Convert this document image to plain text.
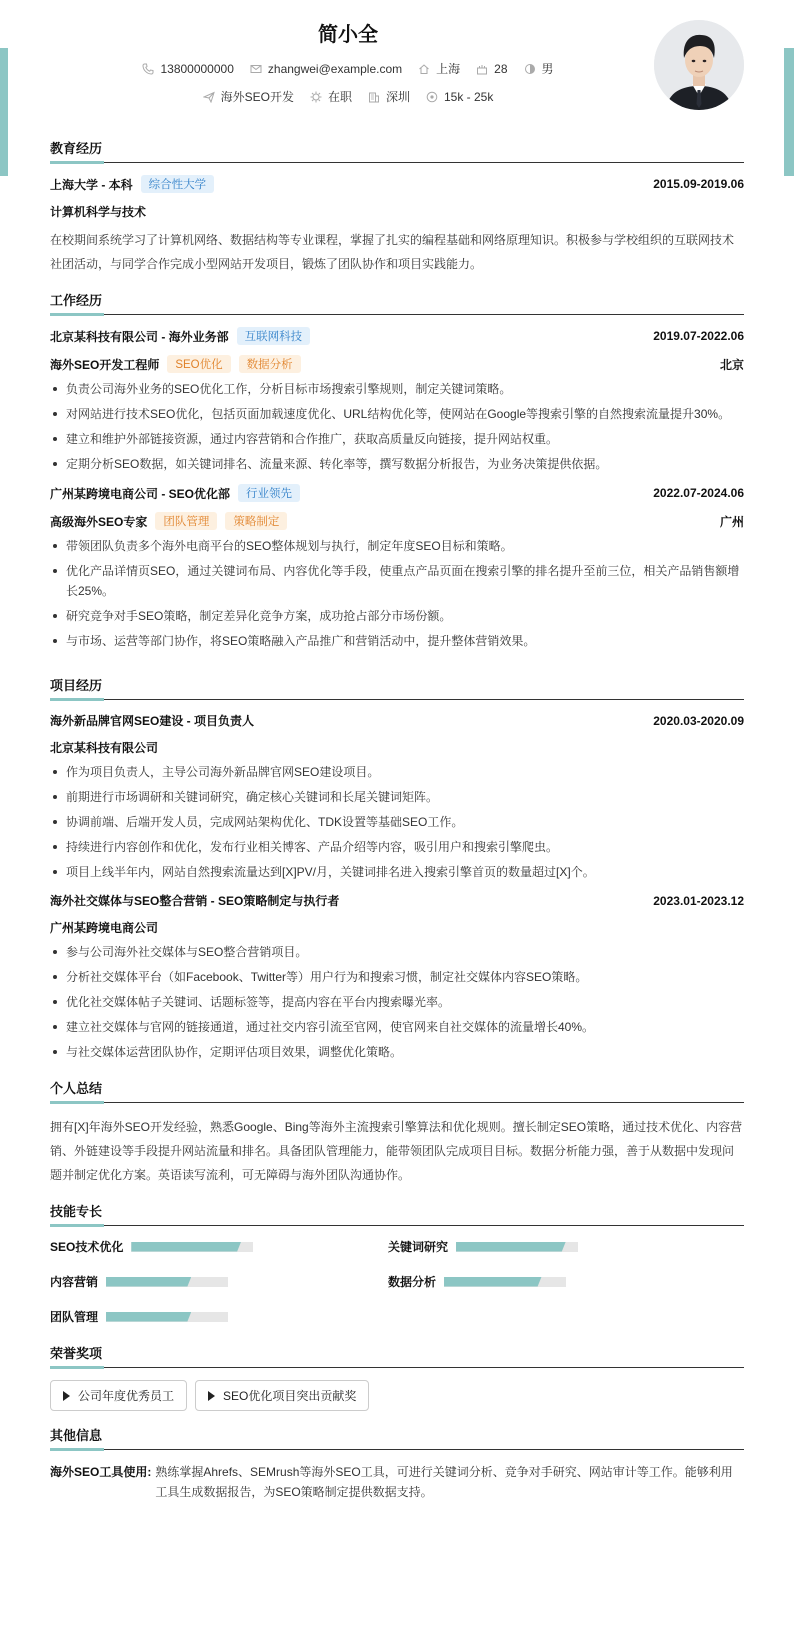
简小全
13800000000	zhangwei@example.com	上海	28	男
海外SEO开发	在职	深圳	15k - 25k
教育经历
上海大学 - 本科	综合性大学	2015.09-2019.06
计算机科学与技术
在校期间系统学习了计算机网络、数据结构等专业课程，掌握了扎实的编程基础和网络原理知识。积极参与学校组织的互联网技术社团活动，与同学合作完成小型网站开发项目，锻炼了团队协作和项目实践能力。
工作经历
北京某科技有限公司 - 海外业务部	互联网科技	2019.07-2022.06
海外SEO开发工程师	SEO优化	数据分析	北京
负责公司海外业务的SEO优化工作，分析目标市场搜索引擎规则，制定关键词策略。
对网站进行技术SEO优化，包括页面加载速度优化、URL结构优化等，使网站在Google等搜索引擎的自然搜索流量提升30%。
建立和维护外部链接资源，通过内容营销和合作推广，获取高质量反向链接，提升网站权重。
定期分析SEO数据，如关键词排名、流量来源、转化率等，撰写数据分析报告，为业务决策提供依据。
广州某跨境电商公司 - SEO优化部	行业领先	2022.07-2024.06
高级海外SEO专家	团队管理	策略制定	广州
带领团队负责多个海外电商平台的SEO整体规划与执行，制定年度SEO目标和策略。
优化产品详情页SEO，通过关键词布局、内容优化等手段，使重点产品页面在搜索引擎的排名提升至前三位，相关产品销售额增长25%。
研究竞争对手SEO策略，制定差异化竞争方案，成功抢占部分市场份额。
与市场、运营等部门协作，将SEO策略融入产品推广和营销活动中，提升整体营销效果。
项目经历
海外新品牌官网SEO建设 - 项目负责人	2020.03-2020.09
北京某科技有限公司
作为项目负责人，主导公司海外新品牌官网SEO建设项目。
前期进行市场调研和关键词研究，确定核心关键词和长尾关键词矩阵。
协调前端、后端开发人员，完成网站架构优化、TDK设置等基础SEO工作。
持续进行内容创作和优化，发布行业相关博客、产品介绍等内容，吸引用户和搜索引擎爬虫。
项目上线半年内，网站自然搜索流量达到[X]PV/月，关键词排名进入搜索引擎首页的数量超过[X]个。
海外社交媒体与SEO整合营销 - SEO策略制定与执行者	2023.01-2023.12
广州某跨境电商公司
参与公司海外社交媒体与SEO整合营销项目。
分析社交媒体平台（如Facebook、Twitter等）用户行为和搜索习惯，制定社交媒体内容SEO策略。
优化社交媒体帖子关键词、话题标签等，提高内容在平台内搜索曝光率。
建立社交媒体与官网的链接通道，通过社交内容引流至官网，使官网来自社交媒体的流量增长40%。
与社交媒体运营团队协作，定期评估项目效果，调整优化策略。
个人总结
拥有[X]年海外SEO开发经验，熟悉Google、Bing等海外主流搜索引擎算法和优化规则。擅长制定SEO策略，通过技术优化、内容营销、外链建设等手段提升网站流量和排名。具备团队管理能力，能带领团队完成项目目标。数据分析能力强，善于从数据中发现问题并制定优化方案。英语读写流利，可无障碍与海外团队沟通协作。
技能专长
SEO技术优化	关键词研究
内容营销	数据分析
团队管理
荣誉奖项
公司年度优秀员工	SEO优化项目突出贡献奖
其他信息
海外SEO工具使用: 熟练掌握Ahrefs、SEMrush等海外SEO工具，可进行关键词分析、竞争对手研究、网站审计等工作。能够利用工具生成数据报告，为SEO策略制定提供数据支持。
